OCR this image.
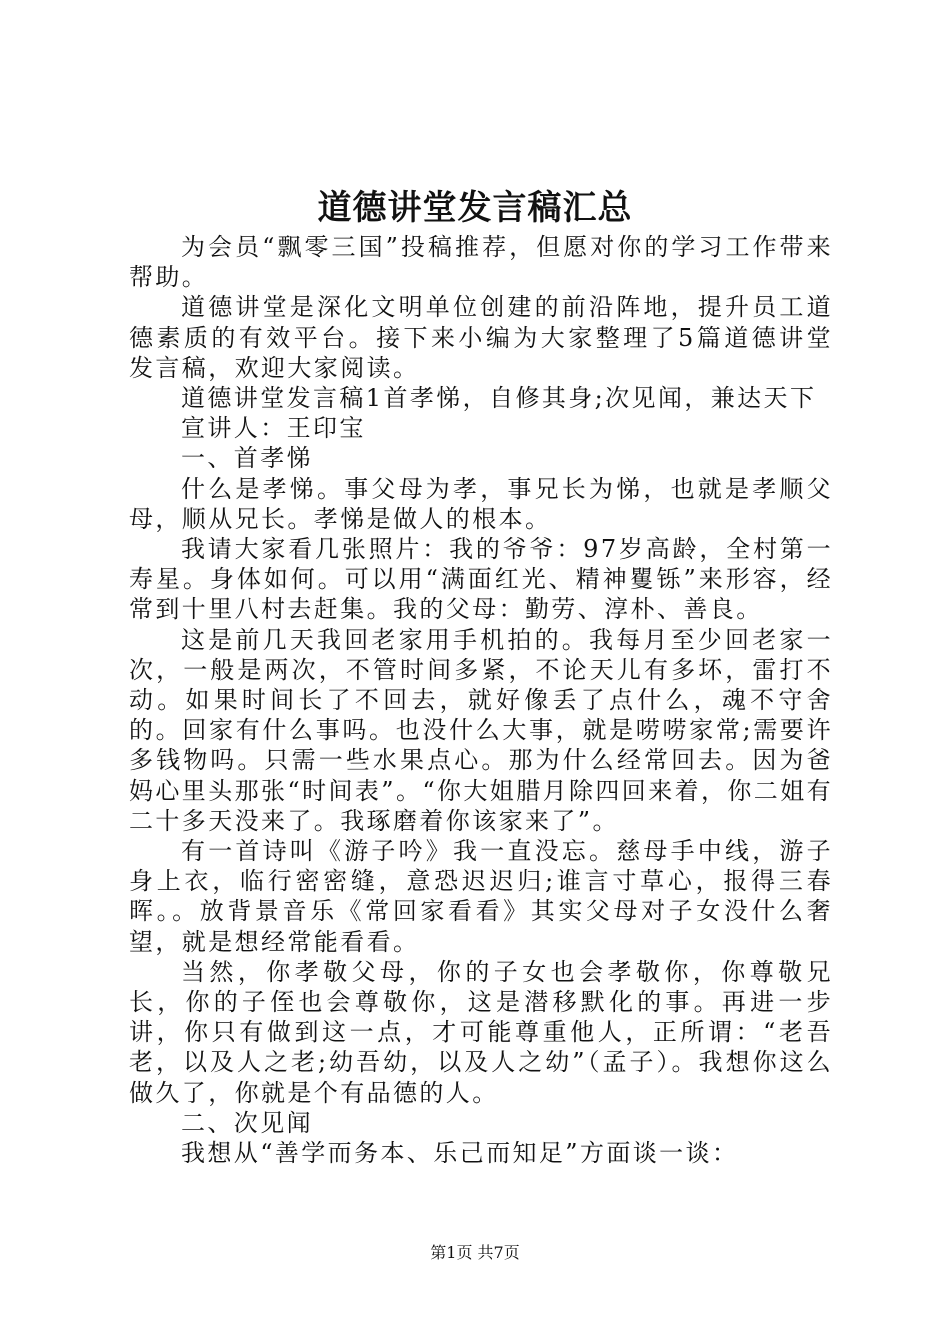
道德讲堂发言稿汇总

为会员“飘零三国”投稿推荐，但愿对你的学习工作带来帮助。

道德讲堂是深化文明单位创建的前沿阵地，提升员工道德素质的有效平台。接下来小编为大家整理了5篇道德讲堂发言稿，欢迎大家阅读。

道德讲堂发言稿1首孝悌，自修其身;次见闻，兼达天下

宣讲人：王印宝

一、首孝悌

什么是孝悌。事父母为孝，事兄长为悌，也就是孝顺父母，顺从兄长。孝悌是做人的根本。

我请大家看几张照片：我的爷爷：97岁高龄，全村第一寿星。身体如何。可以用“满面红光、精神矍铄”来形容，经常到十里八村去赶集。我的父母：勤劳、淳朴、善良。

这是前几天我回老家用手机拍的。我每月至少回老家一次，一般是两次，不管时间多紧，不论天儿有多坏，雷打不动。如果时间长了不回去，就好像丢了点什么，魂不守舍的。回家有什么事吗。也没什么大事，就是唠唠家常;需要许多钱物吗。只需一些水果点心。那为什么经常回去。因为爸妈心里头那张“时间表”。“你大姐腊月除四回来着，你二姐有二十多天没来了。我琢磨着你该家来了”。

有一首诗叫《游子吟》我一直没忘。慈母手中线，游子身上衣，临行密密缝，意恐迟迟归;谁言寸草心，报得三春晖。。放背景音乐《常回家看看》其实父母对子女没什么奢望，就是想经常能看看。

当然，你孝敬父母，你的子女也会孝敬你，你尊敬兄长，你的子侄也会尊敬你，这是潜移默化的事。再进一步讲，你只有做到这一点，才可能尊重他人，正所谓：“老吾老，以及人之老;幼吾幼，以及人之幼”（孟子）。我想你这么做久了，你就是个有品德的人。

二、次见闻

我想从“善学而务本、乐己而知足”方面谈一谈：

第1页 共7页
